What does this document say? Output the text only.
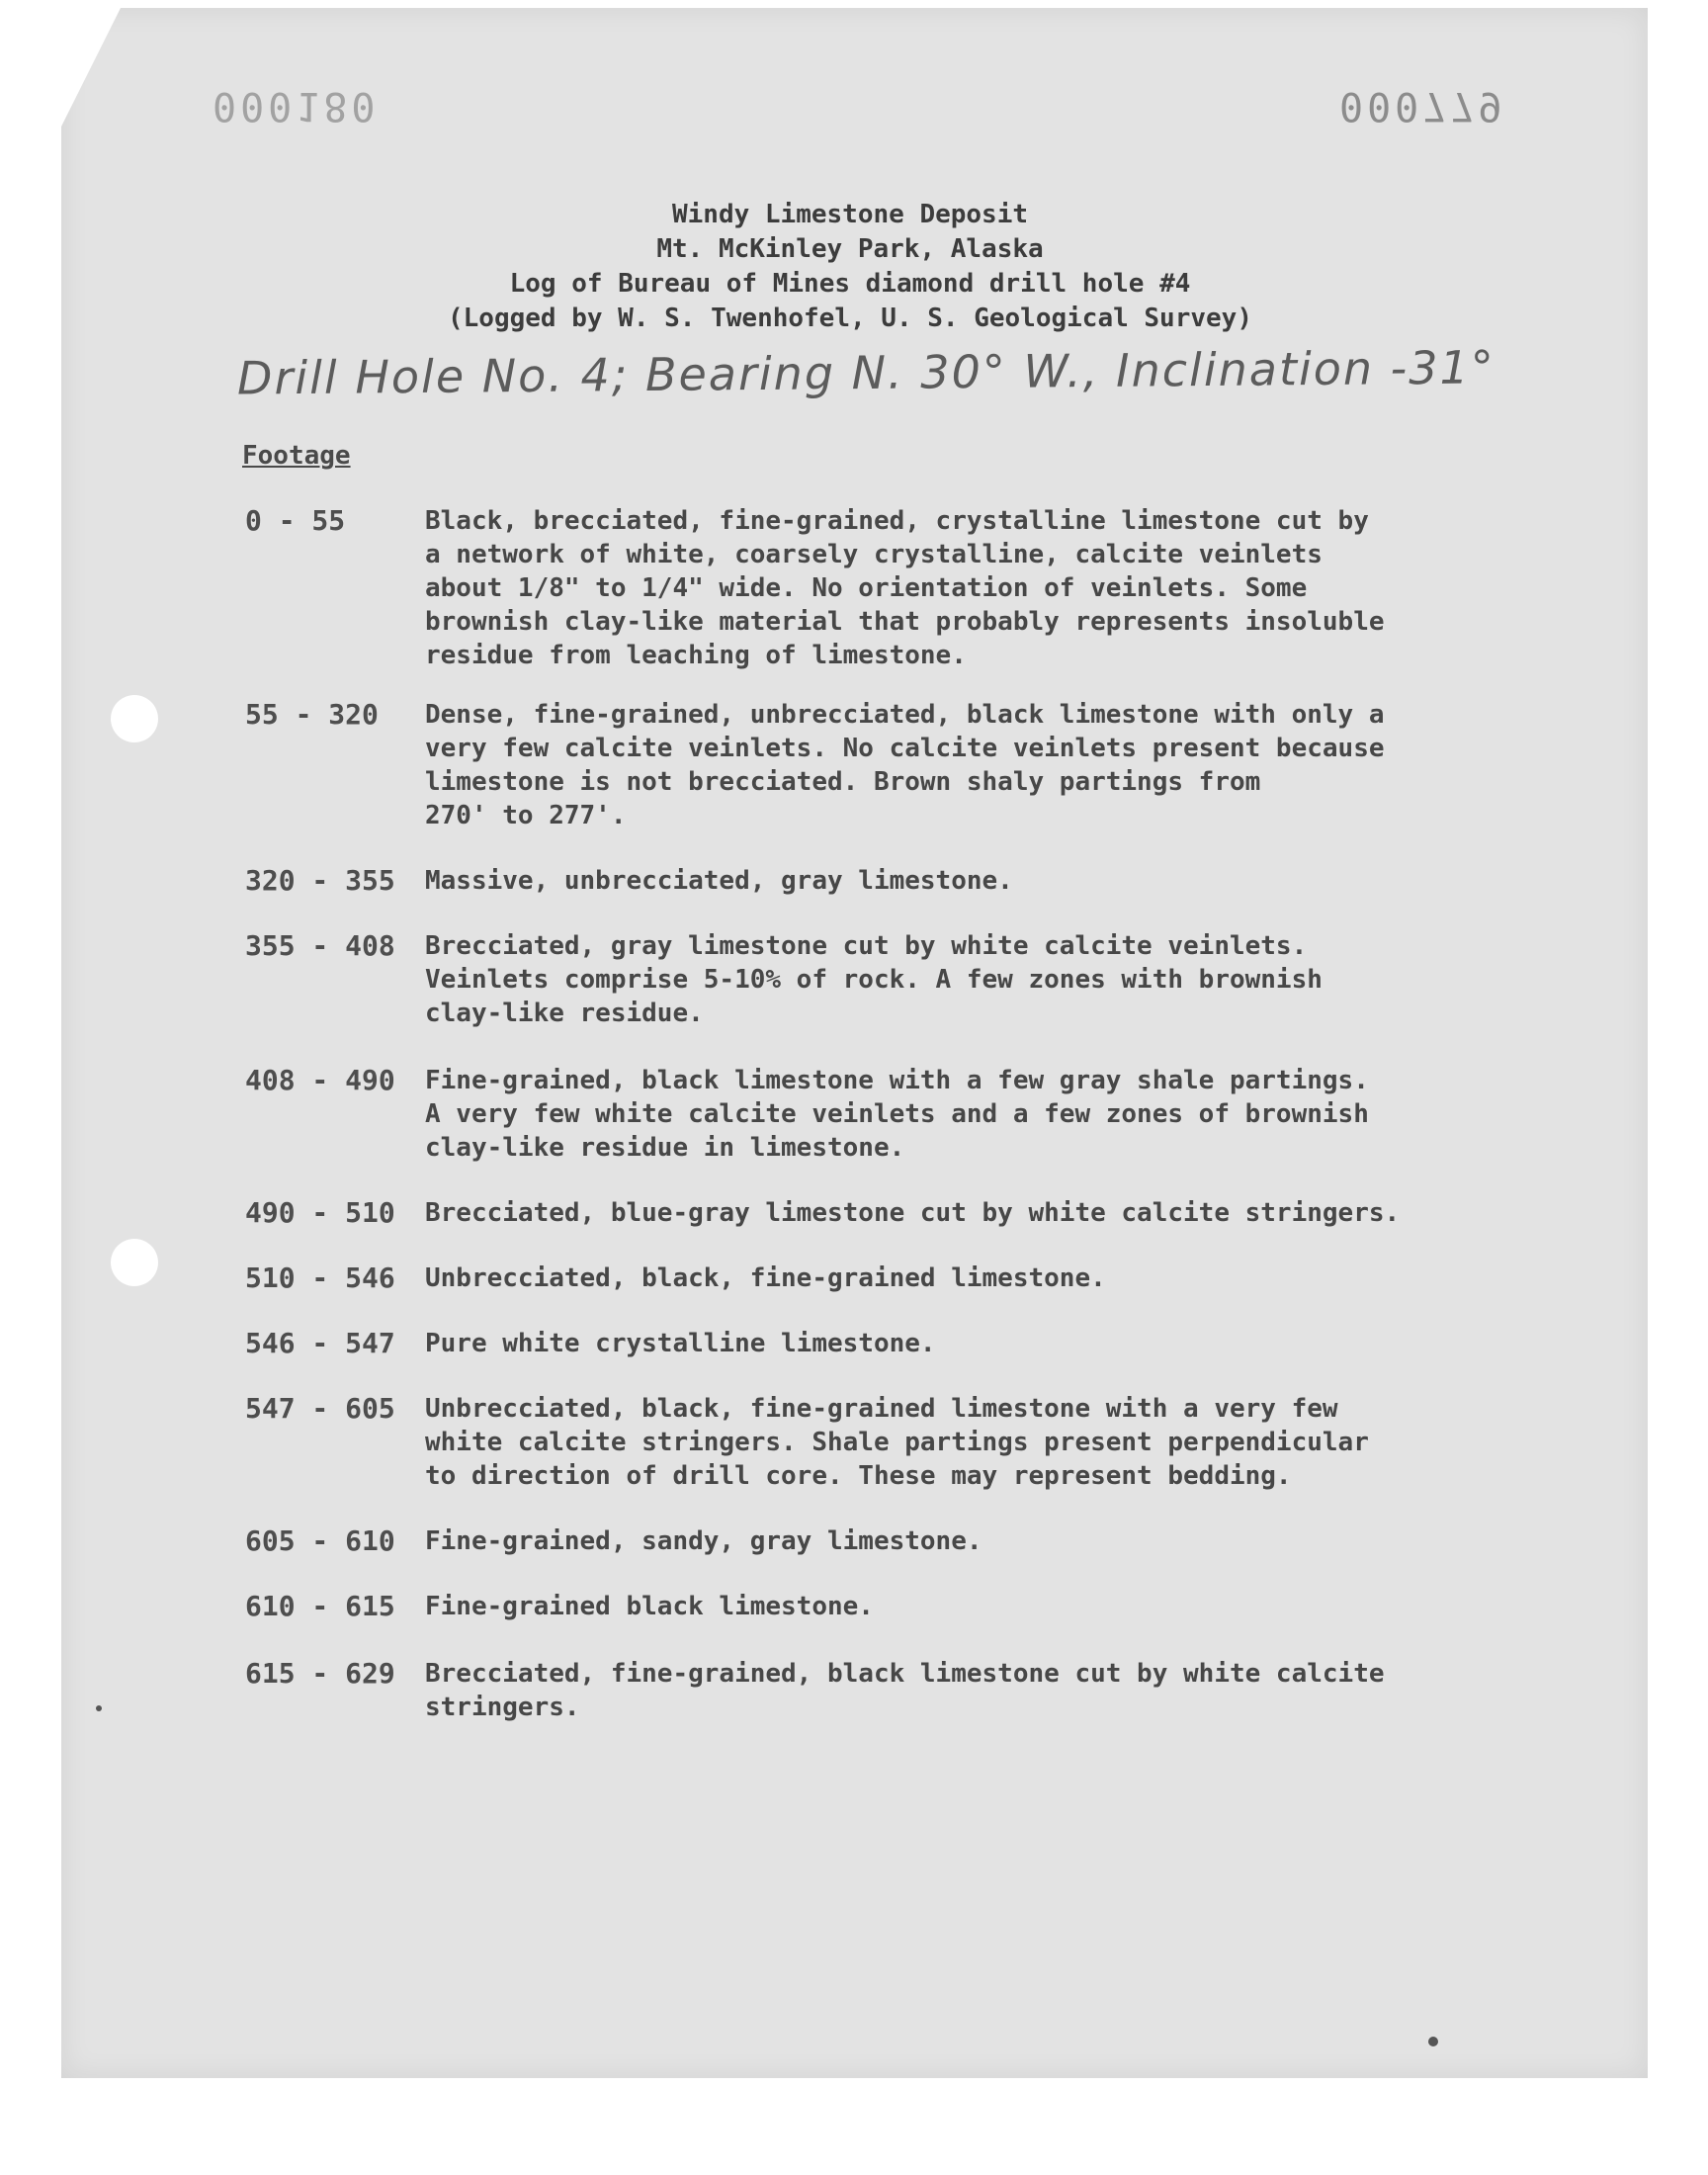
000180	000779
Windy Limestone Deposit
Mt. McKinley Park, Alaska
Log of Bureau of Mines diamond drill hole #4
(Logged by W. S. Twenhofel, U. S. Geological Survey)
Drill Hole No. 4; Bearing N. 30° W., Inclination -31°
Footage
0 - 55	Black, brecciated, fine-grained, crystalline limestone cut by
a network of white, coarsely crystalline, calcite veinlets
about 1/8" to 1/4" wide. No orientation of veinlets. Some
brownish clay-like material that probably represents insoluble
residue from leaching of limestone.
55 - 320	Dense, fine-grained, unbrecciated, black limestone with only a
very few calcite veinlets. No calcite veinlets present because
limestone is not brecciated. Brown shaly partings from
270' to 277'.
320 - 355	Massive, unbrecciated, gray limestone.
355 - 408	Brecciated, gray limestone cut by white calcite veinlets.
Veinlets comprise 5-10% of rock. A few zones with brownish
clay-like residue.
408 - 490	Fine-grained, black limestone with a few gray shale partings.
A very few white calcite veinlets and a few zones of brownish
clay-like residue in limestone.
490 - 510	Brecciated, blue-gray limestone cut by white calcite stringers.
510 - 546	Unbrecciated, black, fine-grained limestone.
546 - 547	Pure white crystalline limestone.
547 - 605	Unbrecciated, black, fine-grained limestone with a very few
white calcite stringers. Shale partings present perpendicular
to direction of drill core. These may represent bedding.
605 - 610	Fine-grained, sandy, gray limestone.
610 - 615	Fine-grained black limestone.
615 - 629	Brecciated, fine-grained, black limestone cut by white calcite
stringers.
